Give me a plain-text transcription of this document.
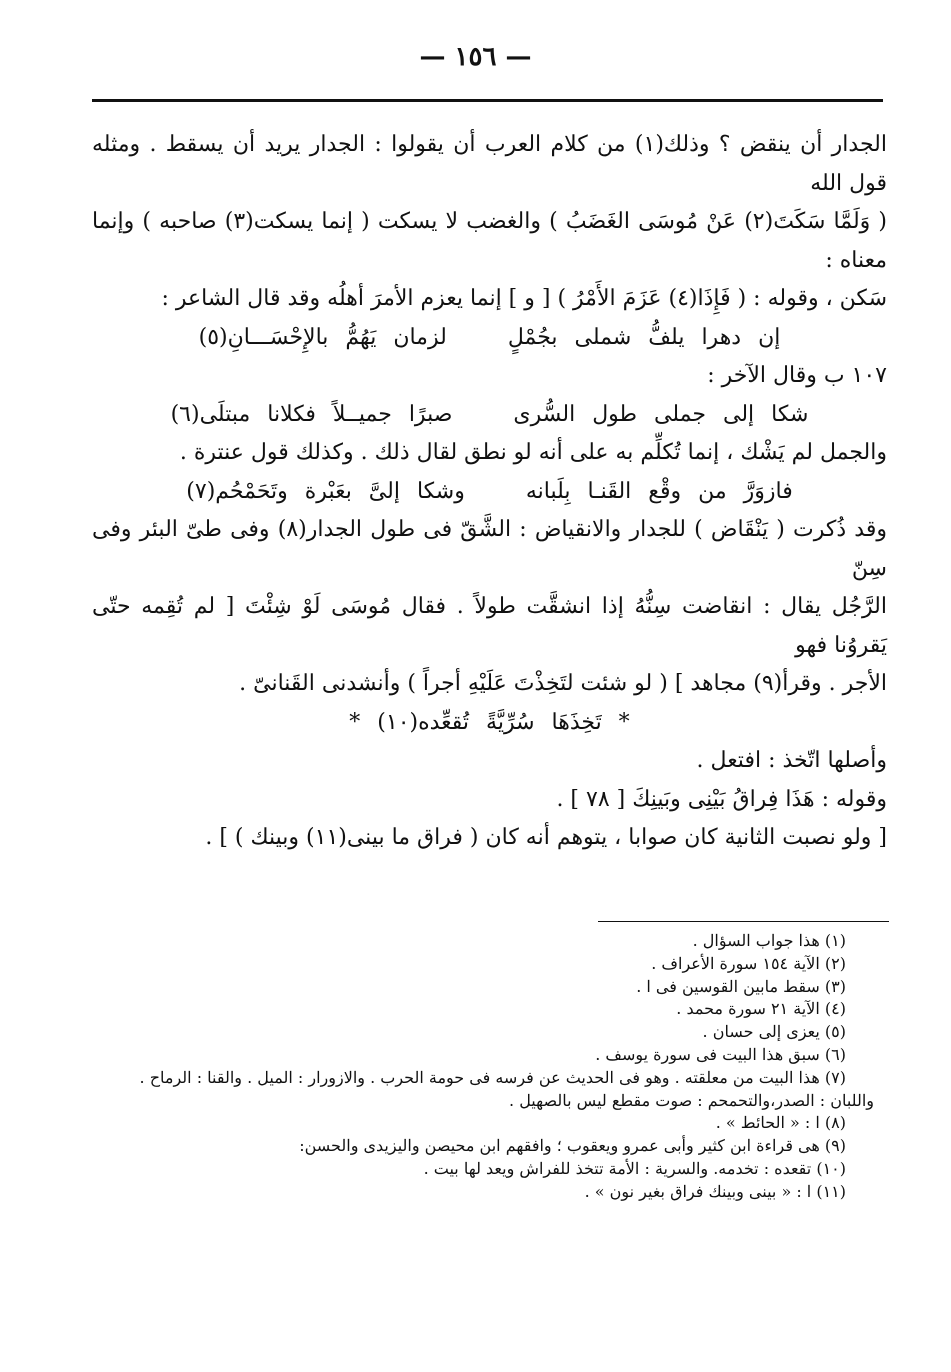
— ١٥٦ —

الجدار أن ينقض ؟ وذلك(١) من كلام العرب أن يقولوا : الجدار يريد أن يسقط . ومثله قول الله

( وَلَمَّا سَكَتَ(٢) عَنْ مُوسَى الغَضَبُ ) والغضب لا يسكت ( إنما يسكت(٣) صاحبه ) وإنما معناه :

سَكن ، وقوله : ( فَإِذَا(٤) عَزَمَ الأَمْرُ ) [ و ] إنما يعزم الأمرَ أهلُه وقد قال الشاعر :

إن دهرا يلفُّ شملى بجُمْلٍ لزمان يَهُمُّ بالإِحْسَـــانِ(٥)

١٠٧ ب وقال الآخر :

شكا إلى جملى طول السُّرى صبرًا جميــلاً فكلانا مبتلَى(٦)

والجمل لم يَشْك ، إنما تُكلِّم به على أنه لو نطق لقال ذلك . وكذلك قول عنترة .

فازوَرَّ من وقْع القَنـا بِلَبانه وشكا إلىَّ بعَبْرة وتَحَمْحُم(٧)

وقد ذُكرت ( يَنْقَاض ) للجدار والانقياض : الشَّقّ فى طول الجدار(٨) وفى طىّ البئر وفى سِنّ

الرَّجُل يقال : انقاضت سِنُّهُ إذا انشقَّت طولاً . فقال مُوسَى لَوْ شِئْتَ [ لم تُقِمه حتّى يَقروُنا فهو

الأجر . وقرأ(٩) مجاهد ] ( لو شئت لتَخِذْتَ عَلَيْهِ أجراً ) وأنشدنى القَنانىّ .

* تَخِذَهَا سُرِّيَّةً تُقعِّده(١٠) *

وأصلها اتّخذ : افتعل .

وقوله : هَذَا فِراقُ بَيْنِى وبَينِكَ [ ٧٨ ] .

[ ولو نصبت الثانية كان صوابا ، يتوهم أنه كان ( فراق ما بينى(١١) وبينك ) ] .

(١) هذا جواب السؤال .

(٢) الآية ١٥٤ سورة الأعراف .

(٣) سقط مابين القوسين فى ا .

(٤) الآية ٢١ سورة محمد .

(٥) يعزى إلى حسان .

(٦) سبق هذا البيت فى سورة يوسف .

(٧) هذا البيت من معلقته . وهو فى الحديث عن فرسه فى حومة الحرب . والازورار : الميل . والقنا : الرماح .

واللبان : الصدر،والتحمحم : صوت مقطع ليس بالصهيل .

(٨) ا : « الحائط » .

(٩) هى قراءة ابن كثير وأبى عمرو ويعقوب ؛ وافقهم ابن محيصن واليزيدى والحسن:

(١٠) تقعده : تخدمه. والسرية : الأمة تتخذ للفراش ويعد لها بيت .

(١١) ا : « بينى وبينك فراق بغير نون » .
